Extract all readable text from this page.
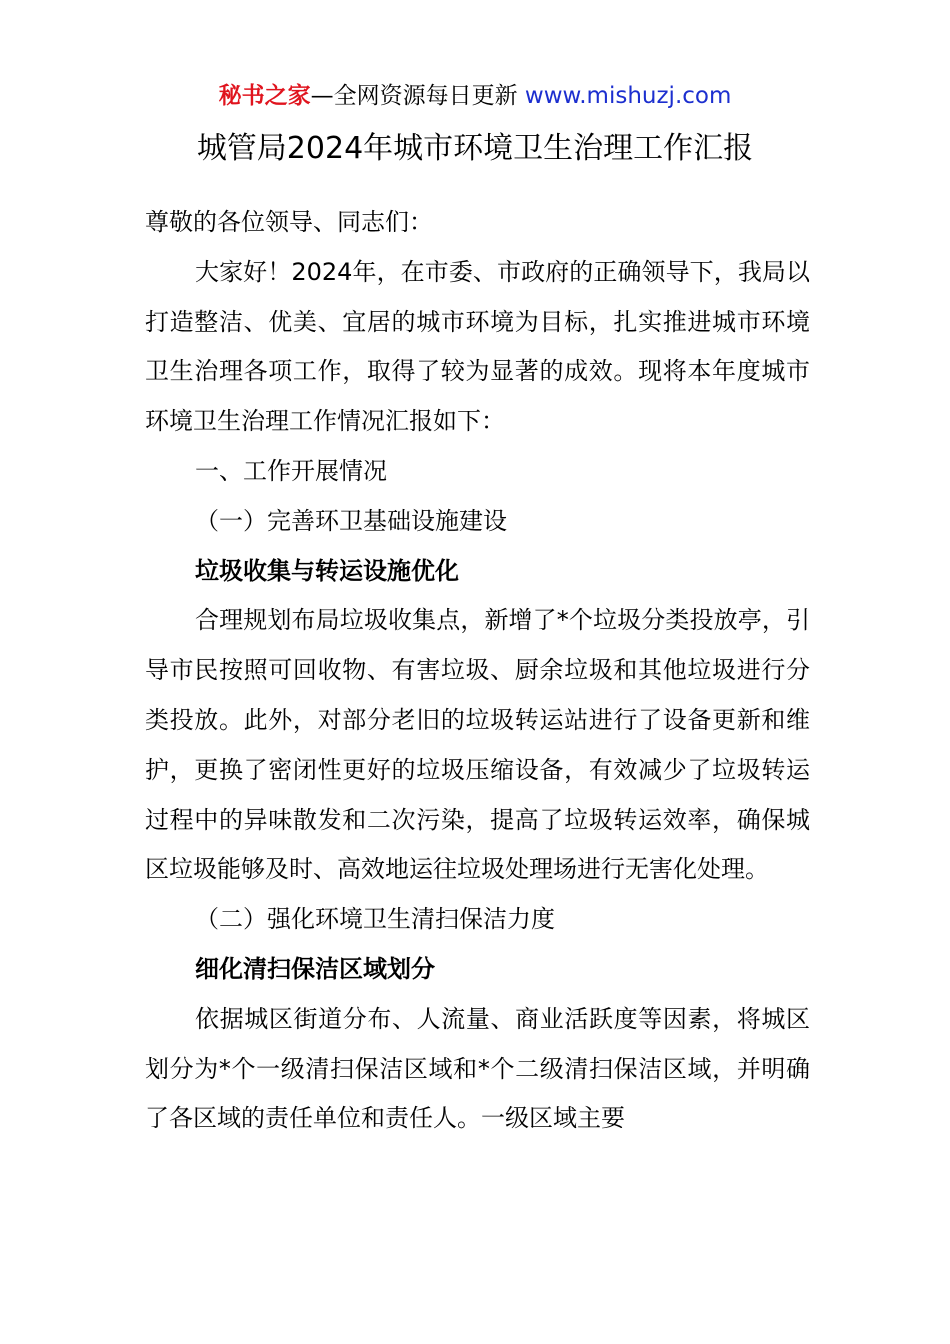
秘书之家—全网资源每日更新 www.mishuzj.com
城管局2024年城市环境卫生治理工作汇报

尊敬的各位领导、同志们：

大家好！2024年，在市委、市政府的正确领导下，我局以打造整洁、优美、宜居的城市环境为目标，扎实推进城市环境卫生治理各项工作，取得了较为显著的成效。现将本年度城市环境卫生治理工作情况汇报如下：

一、工作开展情况

（一）完善环卫基础设施建设

垃圾收集与转运设施优化

合理规划布局垃圾收集点，新增了*个垃圾分类投放亭，引导市民按照可回收物、有害垃圾、厨余垃圾和其他垃圾进行分类投放。此外，对部分老旧的垃圾转运站进行了设备更新和维护，更换了密闭性更好的垃圾压缩设备，有效减少了垃圾转运过程中的异味散发和二次污染，提高了垃圾转运效率，确保城区垃圾能够及时、高效地运往垃圾处理场进行无害化处理。

（二）强化环境卫生清扫保洁力度

细化清扫保洁区域划分

依据城区街道分布、人流量、商业活跃度等因素，将城区划分为*个一级清扫保洁区域和*个二级清扫保洁区域，并明确了各区域的责任单位和责任人。一级区域主要
